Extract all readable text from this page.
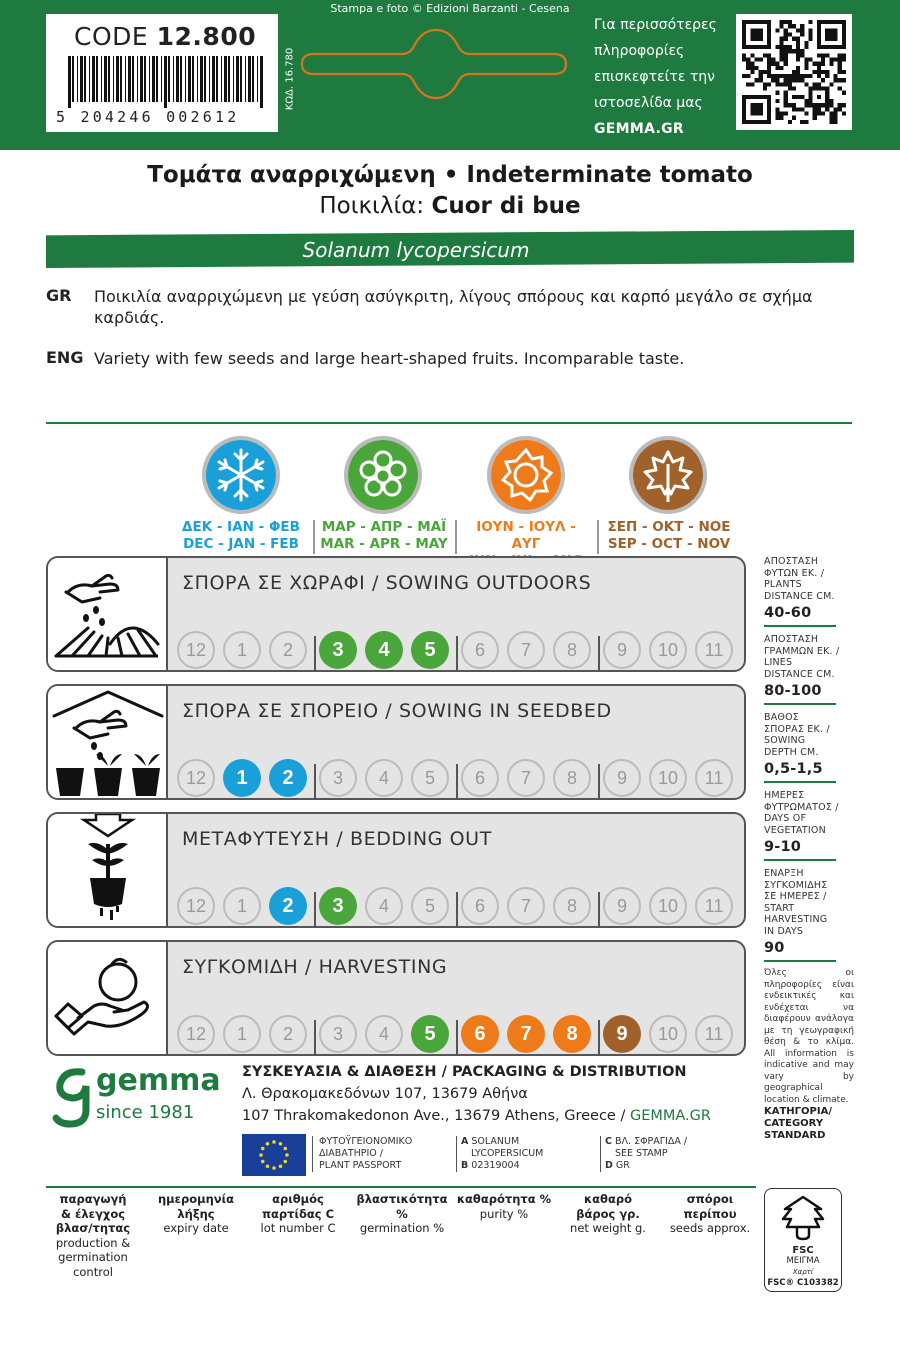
CODE 12.800
5 204246 002612
ΚΩΔ. 16.780
Stampa e foto © Edizioni Barzanti - Cesena
Για περισσότερες
πληροφορίες
επισκεφτείτε την
ιστοσελίδα μας
GEMMA.GR
Τομάτα αναρριχώμενη • Indeterminate tomato
Ποικιλία: Cuor di bue
Solanum lycopersicum
GR Ποικιλία αναρριχώμενη με γεύση ασύγκριτη, λίγους σπόρους και καρπό μεγάλο σε σχήμα καρδιάς.
ENG Variety with few seeds and large heart-shaped fruits. Incomparable taste.
ΔΕΚ - ΙΑΝ - ΦΕΒ
DEC - JAN - FEB
ΜΑΡ - ΑΠΡ - ΜΑΪ
MAR - APR - MAY
ΙΟΥΝ - ΙΟΥΛ - ΑΥΓ
ΣΕΠ - ΟΚΤ - ΝΟΕ
SEP - OCT - NOV
ΣΠΟΡΑ ΣΕ ΧΩΡΑΦΙ / SOWING OUTDOORS
12	1	2	3	4	5	6	7	8	9	10	11
ΣΠΟΡΑ ΣΕ ΣΠΟΡΕΙΟ / SOWING IN SEEDBED
12	1	2	3	4	5	6	7	8	9	10	11
ΜΕΤΑΦΥΤΕΥΣΗ / BEDDING OUT
12	1	2	3	4	5	6	7	8	9	10	11
ΣΥΓΚΟΜΙΔΗ / HARVESTING
12	1	2	3	4	5	6	7	8	9	10	11
ΑΠΟΣΤΑΣΗ
ΦΥΤΩΝ ΕΚ. /
PLANTS
DISTANCE CM.
40-60
ΑΠΟΣΤΑΣΗ
ΓΡΑΜΜΩΝ ΕΚ. /
LINES
DISTANCE CM.
80-100
ΒΑΘΟΣ
ΣΠΟΡΑΣ ΕΚ. /
SOWING
DEPTH CM.
0,5-1,5
ΗΜΕΡΕΣ
ΦΥΤΡΩΜΑΤΟΣ /
DAYS OF
VEGETATION
9-10
ΕΝΑΡΞΗ
ΣΥΓΚΟΜΙΔΗΣ
ΣΕ ΗΜΕΡΕΣ /
START
HARVESTING
IN DAYS
90
Όλες οι πληροφορίες είναι ενδεικτικές και ενδέχεται να διαφέρουν ανάλογα με τη γεωγραφική θέση & το κλίμα. All information is indicative and may vary by geographical location & climate.
ΚΑΤΗΓΟΡΙΑ/
CATEGORY
STANDARD
gemma
since 1981
ΣΥΣΚΕΥΑΣΙΑ & ΔΙΑΘΕΣΗ / PACKAGING & DISTRIBUTION
Λ. Θρακομακεδόνων 107, 13679 Αθήνα
107 Thrakomakedonon Ave., 13679 Athens, Greece / GEMMA.GR
ΦΥΤΟΫΓΕΙΟΝΟΜΙΚΟ
ΔΙΑΒΑΤΗΡΙΟ /
PLANT PASSPORT
A SOLANUM
LYCOPERSICUM
B 02319004
C ΒΛ. ΣΦΡΑΓΙΔΑ /
SEE STAMP
D GR
παραγωγή
& έλεγχος
βλασ/τητας
production &
germination
control
ημερομηνία
λήξης
expiry date
αριθμός
παρτίδας C
lot number C
βλαστικότητα %
germination %
καθαρότητα %
purity %
καθαρό
βάρος γρ.
net weight g.
σπόροι
περίπου
seeds approx.
FSC
ΜΕΙΓΜΑ
Χαρτί
FSC® C103382
